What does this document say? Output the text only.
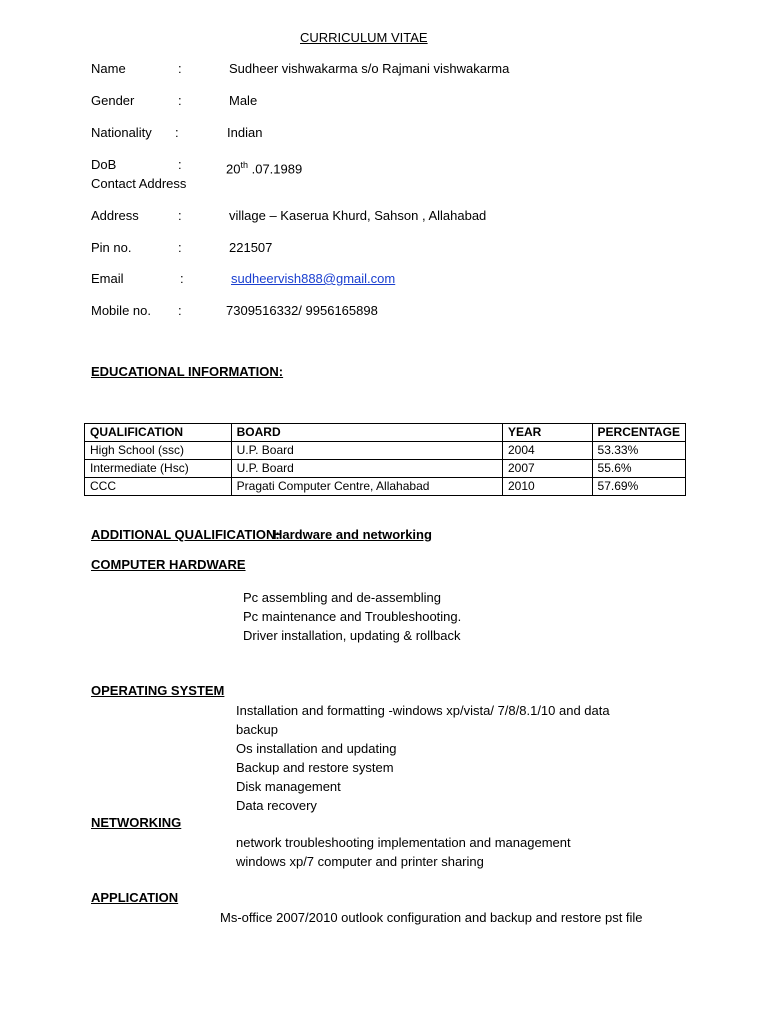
CURRICULUM VITAE
Name	:	Sudheer vishwakarma s/o Rajmani vishwakarma
Gender	:	Male
Nationality :	Indian
DoB	:	20th .07.1989
Contact Address
Address	:	village – Kaserua Khurd, Sahson , Allahabad
Pin no.	:	221507
Email	:	sudheervish888@gmail.com
Mobile no. :	7309516332/ 9956165898
EDUCATIONAL INFORMATION:
QUALIFICATION	BOARD	YEAR	PERCENTAGE
High School (ssc)	U.P. Board	2004	53.33%
Intermediate (Hsc)	U.P. Board	2007	55.6%
CCC	Pragati Computer Centre, Allahabad	2010	57.69%
ADDITIONAL QUALIFICATION:
Hardware and networking
COMPUTER HARDWARE
Pc assembling and de-assembling
Pc maintenance and Troubleshooting.
Driver installation, updating & rollback
OPERATING SYSTEM
Installation and formatting -windows xp/vista/ 7/8/8.1/10 and data
backup
Os installation and updating
Backup and restore system
Disk management
Data recovery
NETWORKING
network troubleshooting implementation and management
windows xp/7 computer and printer sharing
APPLICATION
Ms-office 2007/2010 outlook configuration and backup and restore pst file
